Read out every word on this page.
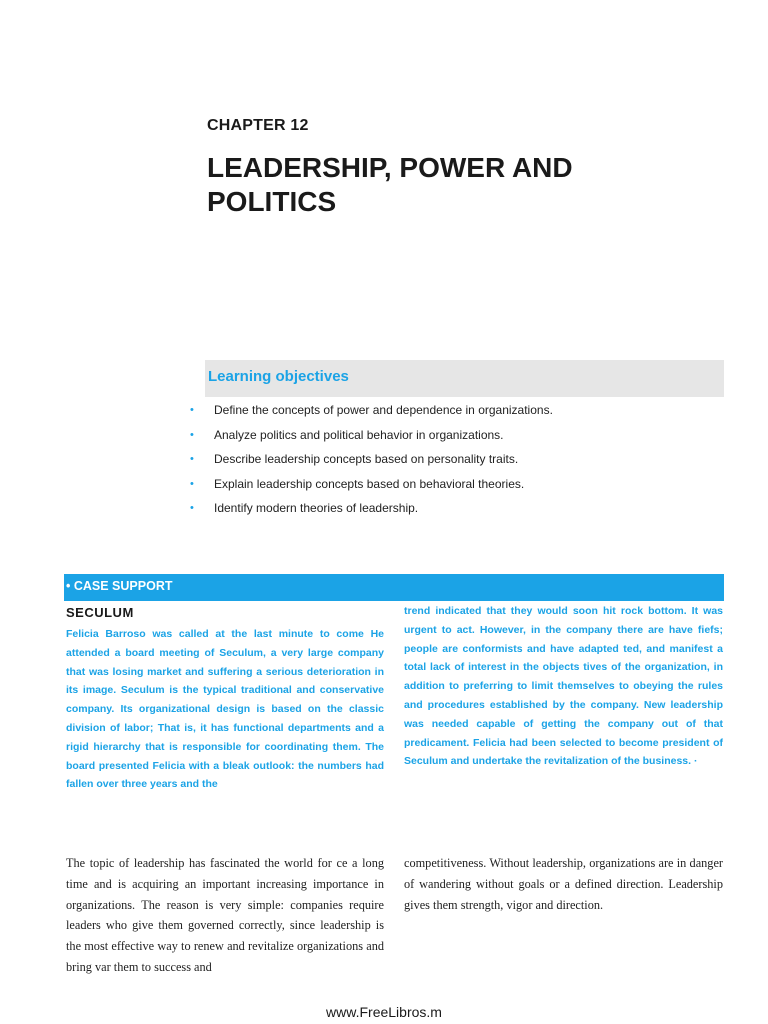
CHAPTER 12
LEADERSHIP, POWER AND POLITICS
Learning objectives
• Define the concepts of power and dependence in organizations.
• Analyze politics and political behavior in organizations.
• Describe leadership concepts based on personality traits.
• Explain leadership concepts based on behavioral theories.
• Identify modern theories of leadership.
• CASE SUPPORT
SECULUM

Felicia Barroso was called at the last minute to come He attended a board meeting of Seculum, a very large company that was losing market and suffering a serious deterioration in its image. Seculum is the typical traditional and conservative company. Its organizational design is based on the classic division of labor; That is, it has functional departments and a rigid hierarchy that is responsible for coordinating them. The board presented Felicia with a bleak outlook: the numbers had fallen over three years and the

trend indicated that they would soon hit rock bottom. It was urgent to act. However, in the company there are have fiefs; people are conformists and have adapted ted, and manifest a total lack of interest in the objects tives of the organization, in addition to preferring to limit themselves to obeying the rules and procedures established by the company. New leadership was needed capable of getting the company out of that predicament. Felicia had been selected to become president of Seculum and undertake the revitalization of the business. ·

The topic of leadership has fascinated the world for ce a long time and is acquiring an important increasing importance in organizations. The reason is very simple: companies require leaders who give them governed correctly, since leadership is the most effective way to renew and revitalize organizations and bring var them to success and

competitiveness. Without leadership, organizations are in danger of wandering without goals or a defined direction. Leadership gives them strength, vigor and direction.

www.FreeLibros.m
